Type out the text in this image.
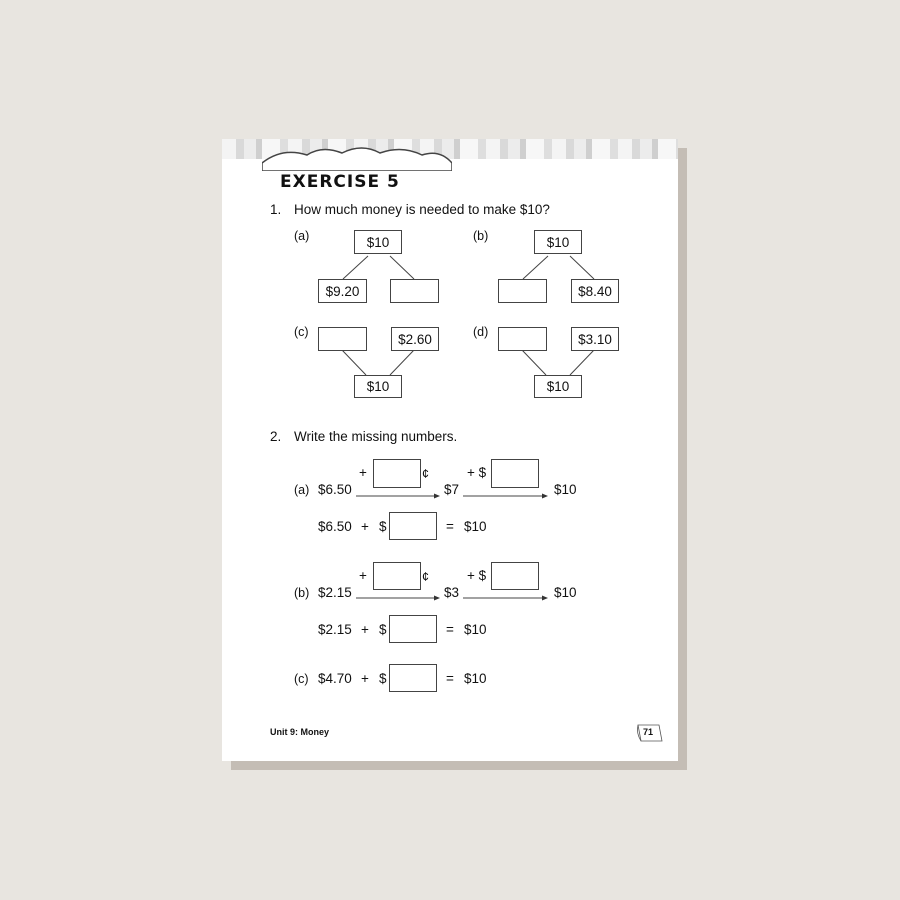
EXERCISE 5
1. How much money is needed to make $10?
(a)	$10
$9.20
(b)	$10
$8.40
(c)	$2.60
$10
(d)	$3.10
$10
2. Write the missing numbers.
+	¢	+ $
(a) $6.50	$7	$10
$6.50 + $	= $10
+	¢	+ $
(b) $2.15	$3	$10
$2.15 + $	= $10
(c) $4.70 + $	= $10
Unit 9: Money	71
